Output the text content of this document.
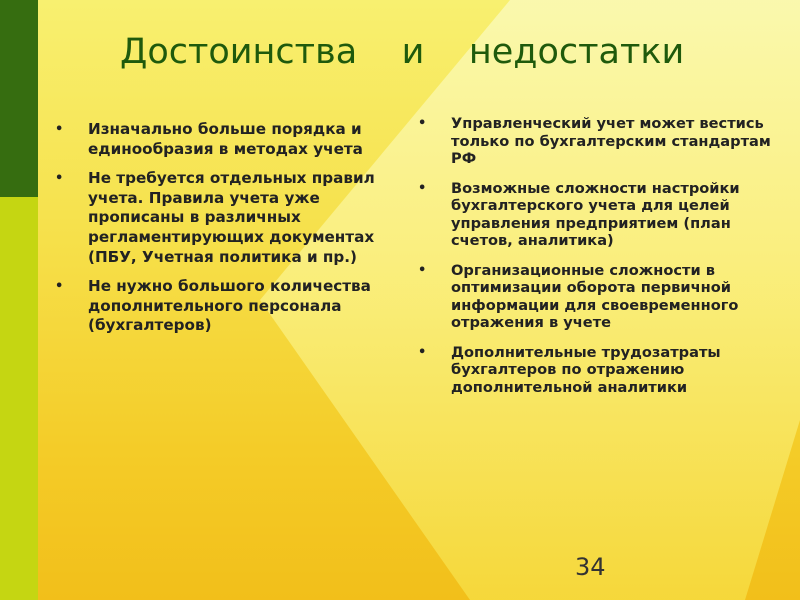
Достоинства    и    недостатки
• Изначально больше порядка и единообразия в методах учета
• Не требуется отдельных правил учета. Правила учета уже прописаны в различных регламентирующих документах (ПБУ, Учетная политика и пр.)
• Не нужно большого количества дополнительного персонала (бухгалтеров)
• Управленческий учет может вестись только по бухгалтерским стандартам РФ
• Возможные сложности настройки бухгалтерского учета для целей управления предприятием (план счетов, аналитика)
• Организационные сложности в оптимизации оборота первичной информации для своевременного отражения в учете
• Дополнительные трудозатраты бухгалтеров по отражению дополнительной аналитики
34
